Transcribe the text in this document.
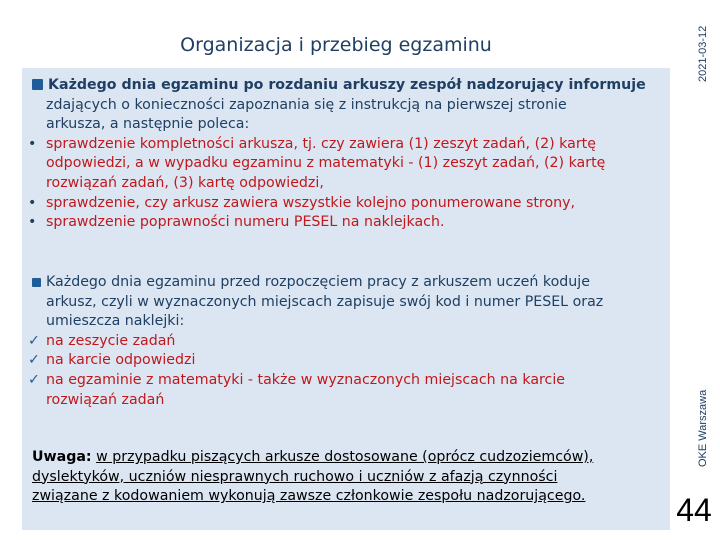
Organizacja i przebieg egzaminu	2021-03-12
OKE Warszawa
44
Każdego dnia egzaminu po rozdaniu arkuszy zespół nadzorujący informuje
zdających o konieczności zapoznania się z instrukcją na pierwszej stronie
arkusza, a następnie poleca:
• sprawdzenie kompletności arkusza, tj. czy zawiera (1) zeszyt zadań, (2) kartę
odpowiedzi, a w wypadku egzaminu z matematyki - (1) zeszyt zadań, (2) kartę
rozwiązań zadań, (3) kartę odpowiedzi,
• sprawdzenie, czy arkusz zawiera wszystkie kolejno ponumerowane strony,
• sprawdzenie poprawności numeru PESEL na naklejkach.
Każdego dnia egzaminu przed rozpoczęciem pracy z arkuszem uczeń koduje
arkusz, czyli w wyznaczonych miejscach zapisuje swój kod i numer PESEL oraz
umieszcza naklejki:
✓ na zeszycie zadań
✓ na karcie odpowiedzi
✓ na egzaminie z matematyki - także w wyznaczonych miejscach na karcie
rozwiązań zadań
Uwaga: w przypadku piszących arkusze dostosowane (oprócz cudzoziemców),
dyslektyków, uczniów niesprawnych ruchowo i uczniów z afazją czynności
związane z kodowaniem wykonują zawsze członkowie zespołu nadzorującego.
